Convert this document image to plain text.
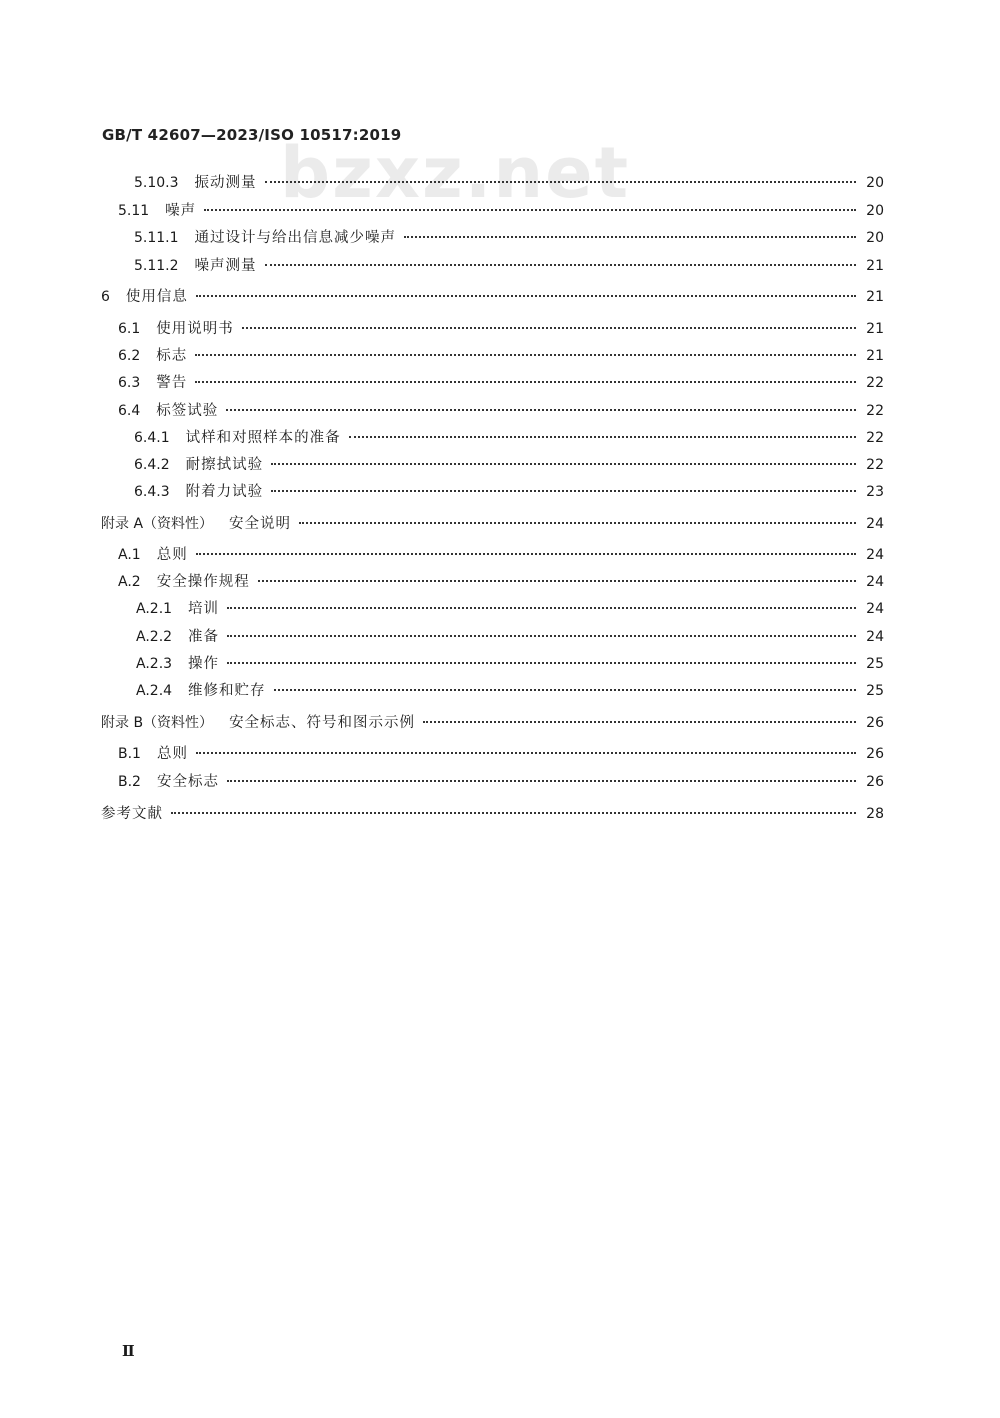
GB/T 42607—2023/ISO 10517:2019
bzxz.net
5.10.3 振动测量	20
5.11 噪声	20
5.11.1 通过设计与给出信息减少噪声	20
5.11.2 噪声测量	21
6 使用信息	21
6.1 使用说明书	21
6.2 标志	21
6.3 警告	22
6.4 标签试验	22
6.4.1 试样和对照样本的准备	22
6.4.2 耐擦拭试验	22
6.4.3 附着力试验	23
附录 A（资料性） 安全说明	24
A.1 总则	24
A.2 安全操作规程	24
A.2.1 培训	24
A.2.2 准备	24
A.2.3 操作	25
A.2.4 维修和贮存	25
附录 B（资料性） 安全标志、符号和图示示例	26
B.1 总则	26
B.2 安全标志	26
参考文献	28
Ⅱ
